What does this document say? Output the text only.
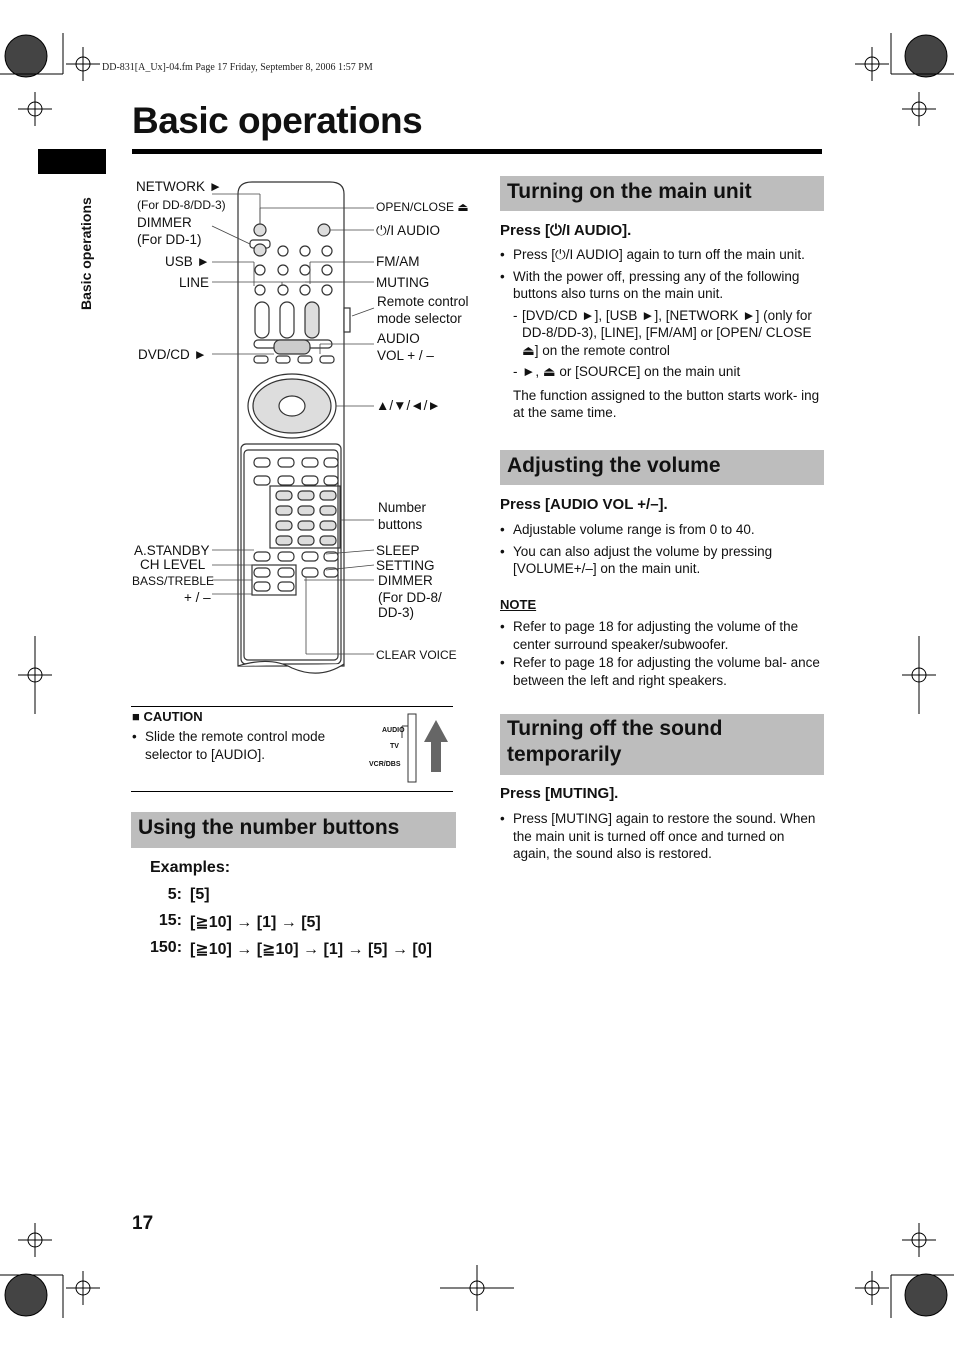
DD-831[A_Ux]-04.fm Page 17 Friday, September 8, 2006 1:57 PM
Basic operations
Basic operations
NETWORK ►
(For DD-8/DD-3)
DIMMER
(For DD-1)
USB ►
LINE
DVD/CD ►
A.STANDBY
CH LEVEL
BASS/TREBLE
+ / –
OPEN/CLOSE ⏏
⏻/I AUDIO
FM/AM
MUTING
Remote control
mode selector
AUDIO
VOL + / –
▲/▼/◄/►
Number
buttons
SLEEP
SETTING
DIMMER
(For DD-8/
DD-3)
CLEAR VOICE
■ CAUTION
• Slide the remote control mode selector to [AUDIO].
AUDIO
TV
VCR/DBS
Using the number buttons
Examples:
5: [5]
15: [≧10] → [1] → [5]
150: [≧10] → [≧10] → [1] → [5] → [0]
Turning on the main unit
Press [⏻/I AUDIO].
• Press [⏻/I AUDIO] again to turn off the main unit.
• With the power off, pressing any of the following buttons also turns on the main unit.
- [DVD/CD ►], [USB ►], [NETWORK ►] (only for DD-8/DD-3), [LINE], [FM/AM] or [OPEN/ CLOSE ⏏] on the remote control
- ►, ⏏ or [SOURCE] on the main unit
The function assigned to the button starts work- ing at the same time.
Adjusting the volume
Press [AUDIO VOL +/–].
• Adjustable volume range is from 0 to 40.
• You can also adjust the volume by pressing [VOLUME+/–] on the main unit.
NOTE
• Refer to page 18 for adjusting the volume of the center surround speaker/subwoofer.
• Refer to page 18 for adjusting the volume bal- ance between the left and right speakers.
Turning off the sound temporarily
Press [MUTING].
• Press [MUTING] again to restore the sound. When the main unit is turned off once and turned on again, the sound also is restored.
17
